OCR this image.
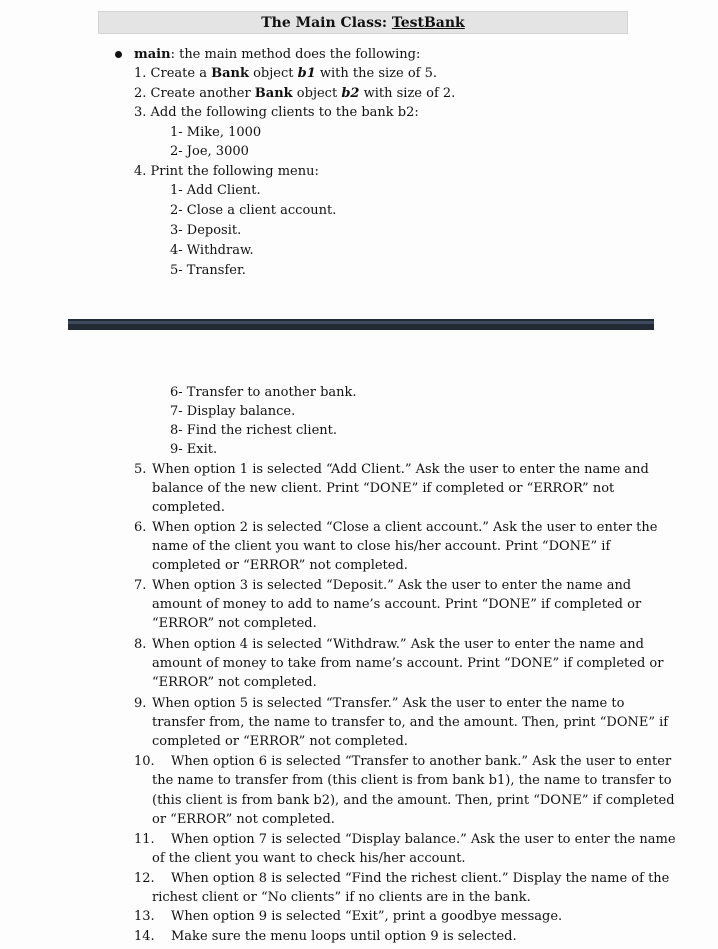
The Main Class: TestBank
main: the main method does the following:
1. Create a Bank object b1 with the size of 5.
2. Create another Bank object b2 with size of 2.
3. Add the following clients to the bank b2:
1- Mike, 1000
2- Joe, 3000
4. Print the following menu:
1- Add Client.
2- Close a client account.
3- Deposit.
4- Withdraw.
5- Transfer.
6- Transfer to another bank.
7- Display balance.
8- Find the richest client.
9- Exit.
5. When option 1 is selected “Add Client.” Ask the user to enter the name and
balance of the new client. Print “DONE” if completed or “ERROR” not
completed.
6. When option 2 is selected “Close a client account.” Ask the user to enter the
name of the client you want to close his/her account. Print “DONE” if
completed or “ERROR” not completed.
7. When option 3 is selected “Deposit.” Ask the user to enter the name and
amount of money to add to name’s account. Print “DONE” if completed or
“ERROR” not completed.
8. When option 4 is selected “Withdraw.” Ask the user to enter the name and
amount of money to take from name’s account. Print “DONE” if completed or
“ERROR” not completed.
9. When option 5 is selected “Transfer.” Ask the user to enter the name to
transfer from, the name to transfer to, and the amount. Then, print “DONE” if
completed or “ERROR” not completed.
10. When option 6 is selected “Transfer to another bank.” Ask the user to enter
the name to transfer from (this client is from bank b1), the name to transfer to
(this client is from bank b2), and the amount. Then, print “DONE” if completed
or “ERROR” not completed.
11. When option 7 is selected “Display balance.” Ask the user to enter the name
of the client you want to check his/her account.
12. When option 8 is selected “Find the richest client.” Display the name of the
richest client or “No clients” if no clients are in the bank.
13. When option 9 is selected “Exit”, print a goodbye message.
14. Make sure the menu loops until option 9 is selected.
